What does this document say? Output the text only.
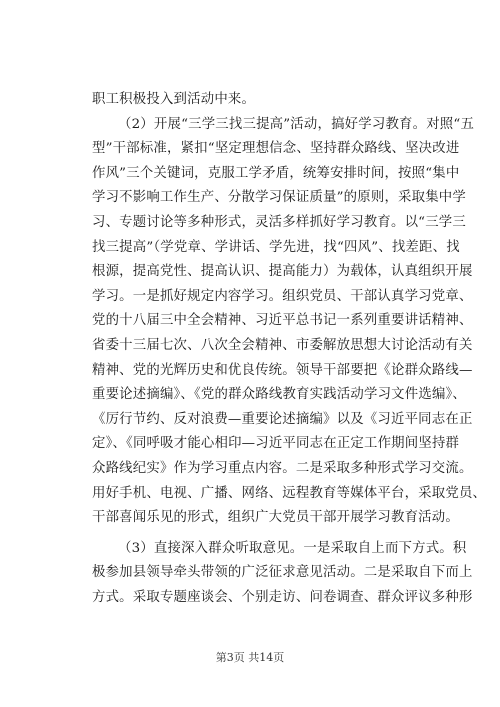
职工积极投入到活动中来。
（2）开展“三学三找三提高”活动，搞好学习教育。对照“五
型”干部标准，紧扣“坚定理想信念、坚持群众路线、坚决改进
作风”三个关键词，克服工学矛盾，统筹安排时间，按照“集中
学习不影响工作生产、分散学习保证质量”的原则，采取集中学
习、专题讨论等多种形式，灵活多样抓好学习教育。以“三学三
找三提高”（学党章、学讲话、学先进，找“四风”、找差距、找
根源，提高党性、提高认识、提高能力）为载体，认真组织开展
学习。一是抓好规定内容学习。组织党员、干部认真学习党章、
党的十八届三中全会精神、习近平总书记一系列重要讲话精神、
省委十三届七次、八次全会精神、市委解放思想大讨论活动有关
精神、党的光辉历史和优良传统。领导干部要把《论群众路线—
重要论述摘编》、《党的群众路线教育实践活动学习文件选编》、
《厉行节约、反对浪费—重要论述摘编》以及《习近平同志在正
定》、《同呼吸才能心相印—习近平同志在正定工作期间坚持群
众路线纪实》作为学习重点内容。二是采取多种形式学习交流。
用好手机、电视、广播、网络、远程教育等媒体平台，采取党员、
干部喜闻乐见的形式，组织广大党员干部开展学习教育活动。
（3）直接深入群众听取意见。一是采取自上而下方式。积
极参加县领导牵头带领的广泛征求意见活动。二是采取自下而上
方式。采取专题座谈会、个别走访、问卷调查、群众评议多种形
第3页 共14页
